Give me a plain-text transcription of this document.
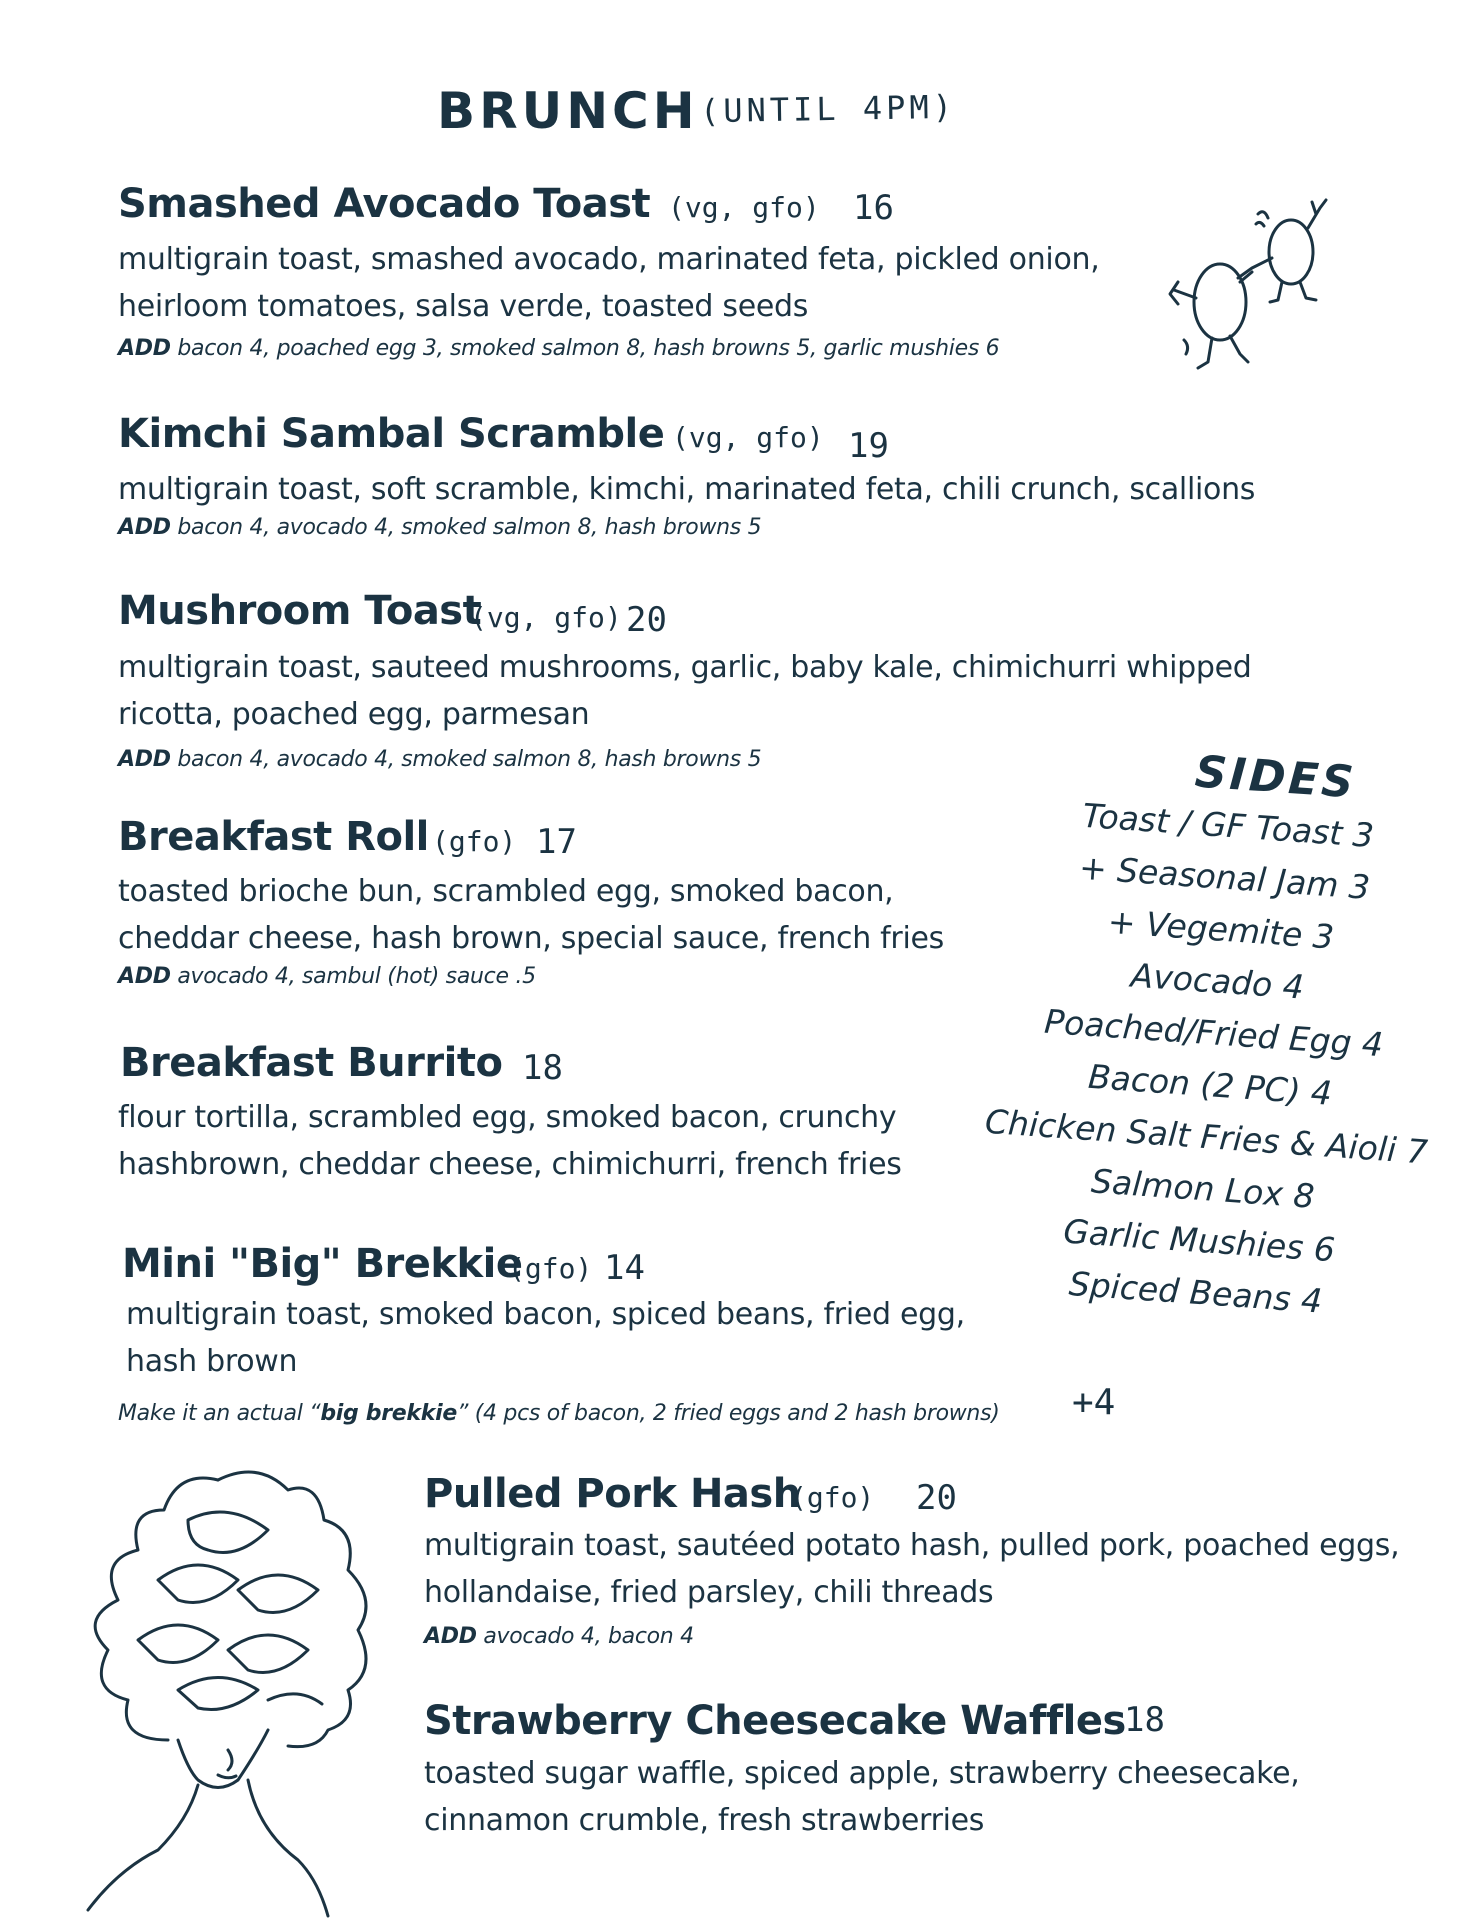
BRUNCH (UNTIL 4PM)
Smashed Avocado Toast (vg, gfo) 16
multigrain toast, smashed avocado, marinated feta, pickled onion, heirloom tomatoes, salsa verde, toasted seeds
ADD bacon 4, poached egg 3, smoked salmon 8, hash browns 5, garlic mushies 6
Kimchi Sambal Scramble (vg, gfo) 19
multigrain toast, soft scramble, kimchi, marinated feta, chili crunch, scallions
ADD bacon 4, avocado 4, smoked salmon 8, hash browns 5
Mushroom Toast
(vg, gfo) 20
multigrain toast, sauteed mushrooms, garlic, baby kale, chimichurri whipped ricotta, poached egg, parmesan
ADD bacon 4, avocado 4, smoked salmon 8, hash browns 5
Breakfast Roll (gfo) 17
toasted brioche bun, scrambled egg, smoked bacon, cheddar cheese, hash brown, special sauce, french fries
ADD avocado 4, sambul (hot) sauce .5
Breakfast Burrito 18
flour tortilla, scrambled egg, smoked bacon, crunchy hashbrown, cheddar cheese, chimichurri, french fries
Mini "Big" Brekkie
(gfo) 14
multigrain toast, smoked bacon, spiced beans, fried egg, hash brown
Make it an actual “big brekkie” (4 pcs of bacon, 2 fried eggs and 2 hash browns) +4
Pulled Pork Hash
(gfo) 20
multigrain toast, sautéed potato hash, pulled pork, poached eggs, hollandaise, fried parsley, chili threads
ADD avocado 4, bacon 4
Strawberry Cheesecake Waffles
18
toasted sugar waffle, spiced apple, strawberry cheesecake, cinnamon crumble, fresh strawberries
SIDES
Toast / GF Toast 3
+ Seasonal Jam 3
+ Vegemite 3
Avocado 4
Poached/Fried Egg 4
Bacon (2 PC) 4
Chicken Salt Fries & Aioli 7
Salmon Lox 8
Garlic Mushies 6
Spiced Beans 4
